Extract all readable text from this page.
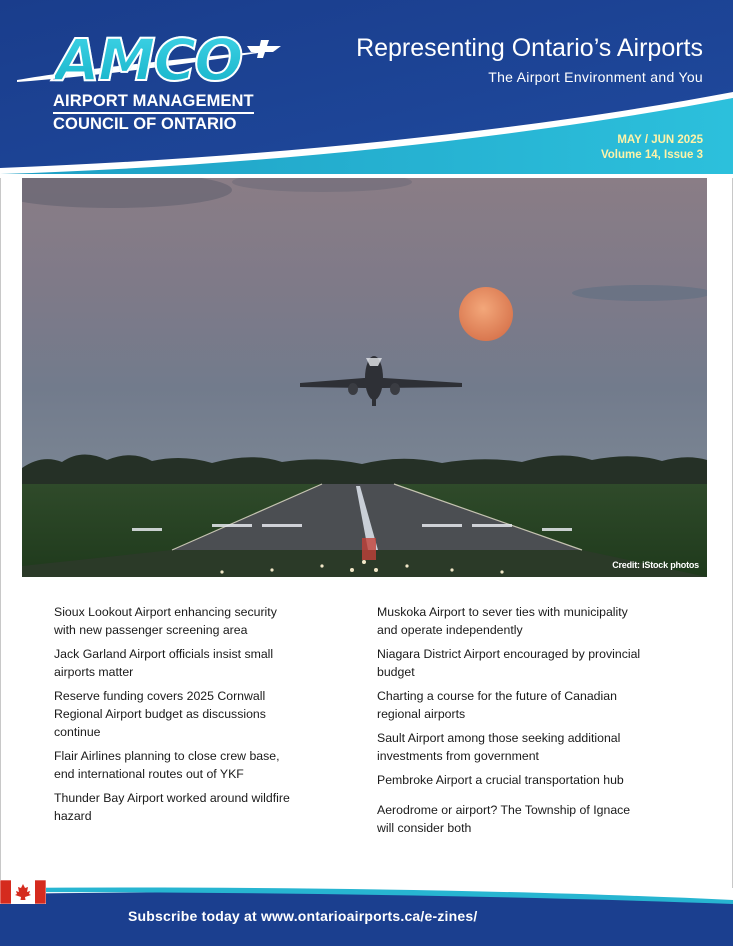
AMCO
AIRPORT MANAGEMENT
COUNCIL OF ONTARIO
Representing Ontario’s Airports
The Airport Environment and You
MAY / JUN 2025
Volume 14, Issue 3
Credit: iStock photos
Sioux Lookout Airport enhancing security with new passenger screening area
Jack Garland Airport officials insist small airports matter
Reserve funding covers 2025 Cornwall Regional Airport budget as discussions continue
Flair Airlines planning to close crew base, end international routes out of YKF
Thunder Bay Airport worked around wildfire hazard
Muskoka Airport to sever ties with municipality and operate independently
Niagara District Airport encouraged by provincial budget
Charting a course for the future of Canadian regional airports
Sault Airport among those seeking additional investments from government
Pembroke Airport a crucial transportation hub
Aerodrome or airport? The Township of Ignace will consider both
Subscribe today at www.ontarioairports.ca/e-zines/
